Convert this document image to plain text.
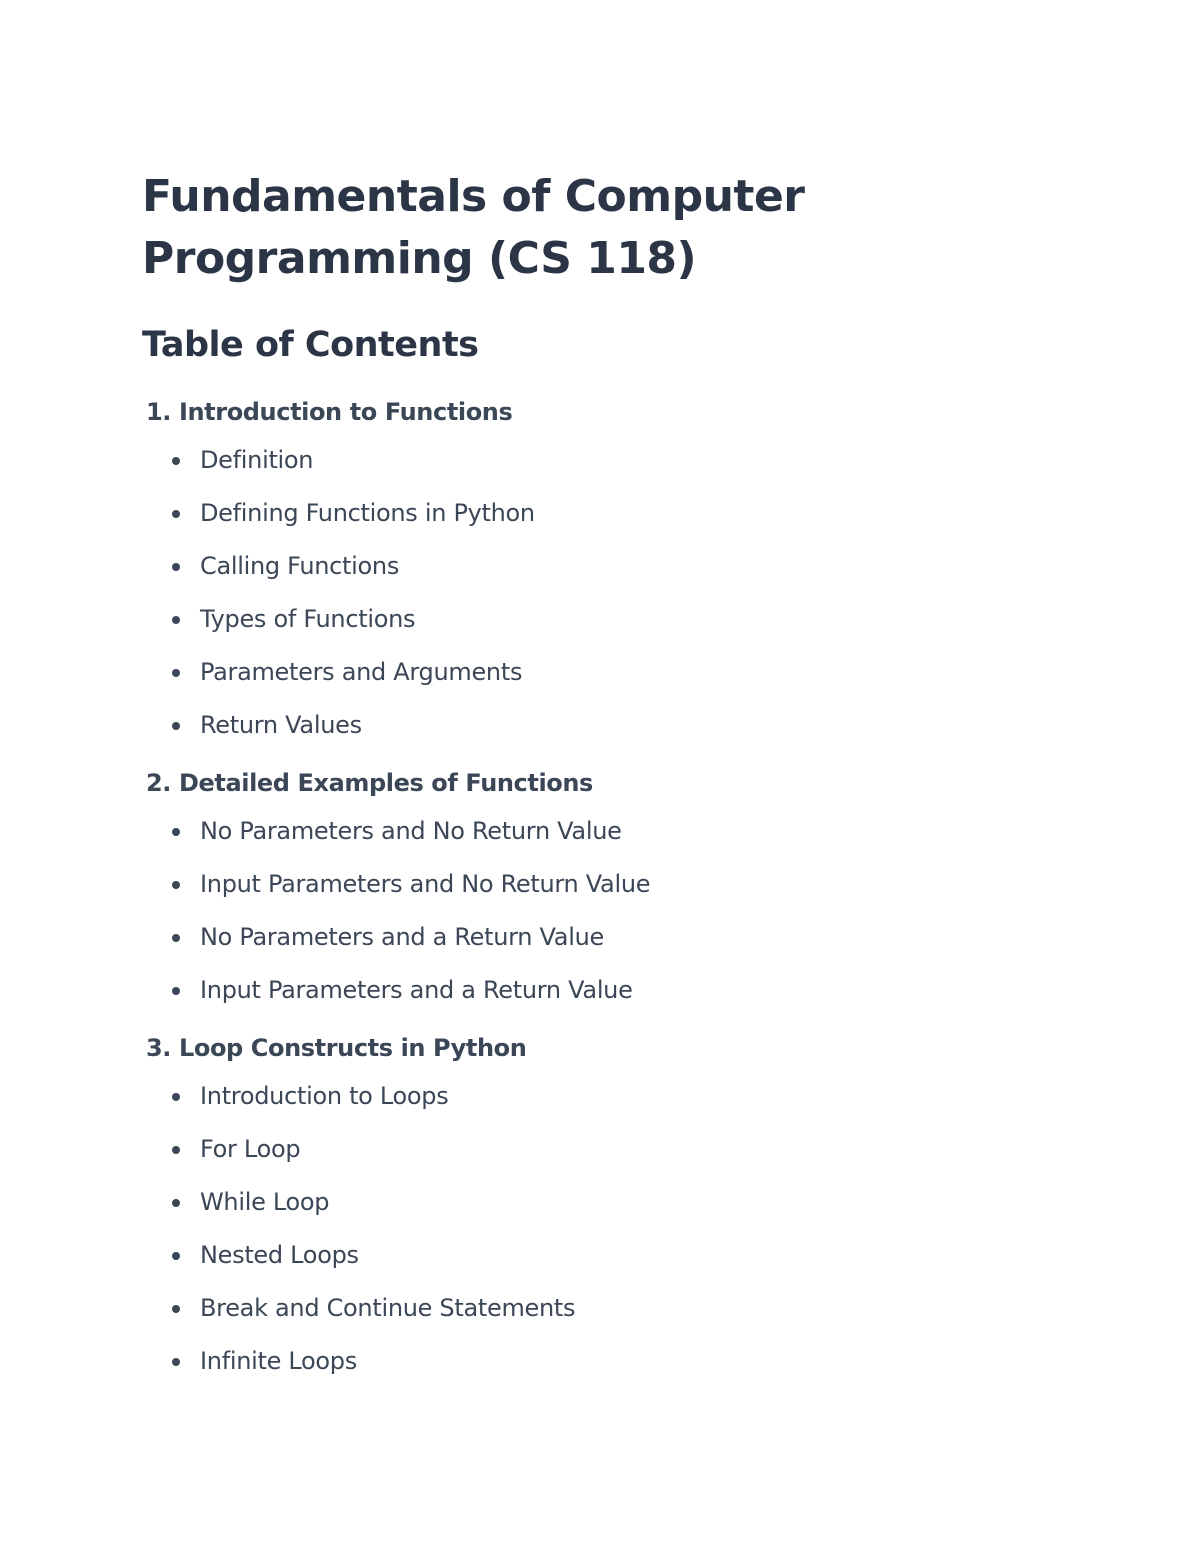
Fundamentals of Computer
Programming (CS 118)
Table of Contents
1. Introduction to Functions
Definition
Defining Functions in Python
Calling Functions
Types of Functions
Parameters and Arguments
Return Values
2. Detailed Examples of Functions
No Parameters and No Return Value
Input Parameters and No Return Value
No Parameters and a Return Value
Input Parameters and a Return Value
3. Loop Constructs in Python
Introduction to Loops
For Loop
While Loop
Nested Loops
Break and Continue Statements
Infinite Loops
